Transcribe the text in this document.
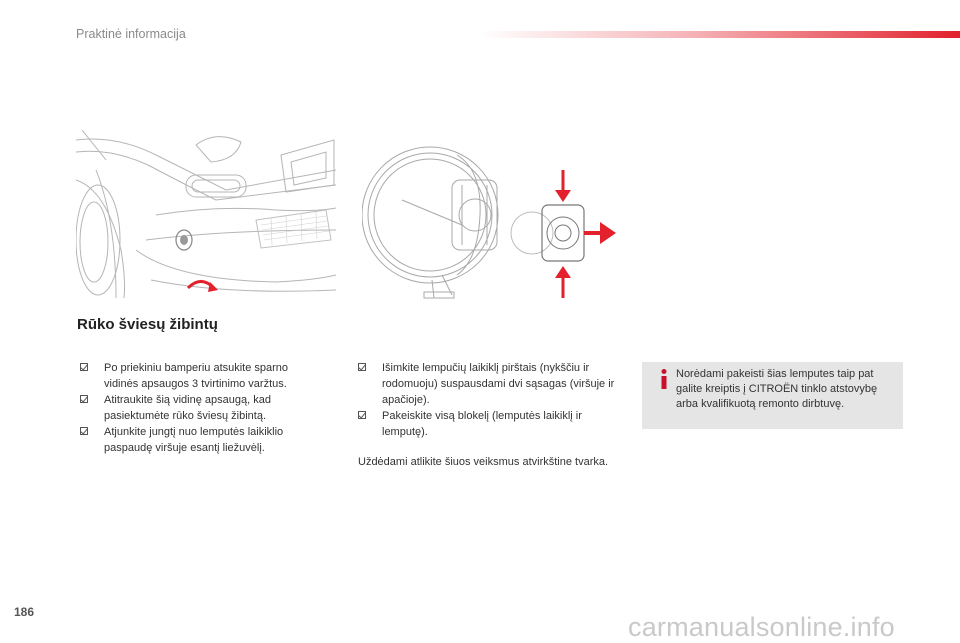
Praktinė informacija
Rūko šviesų žibintų
Po priekiniu bamperiu atsukite sparno vidinės apsaugos 3 tvirtinimo varžtus.
Atitraukite šią vidinę apsaugą, kad pasiektumėte rūko šviesų žibintą.
Atjunkite jungtį nuo lemputės laikiklio paspaudę viršuje esantį liežuvėlį.
Išimkite lempučių laikiklį pirštais (nykščiu ir rodomuoju) suspausdami dvi sąsagas (viršuje ir apačioje).
Pakeiskite visą blokelį (lemputės laikiklį ir lemputę).
Uždėdami atlikite šiuos veiksmus atvirkštine tvarka.
Norėdami pakeisti šias lemputes taip pat galite kreiptis į CITROËN tinklo atstovybę arba kvalifikuotą remonto dirbtuvę.
186	carmanualsonline.info
